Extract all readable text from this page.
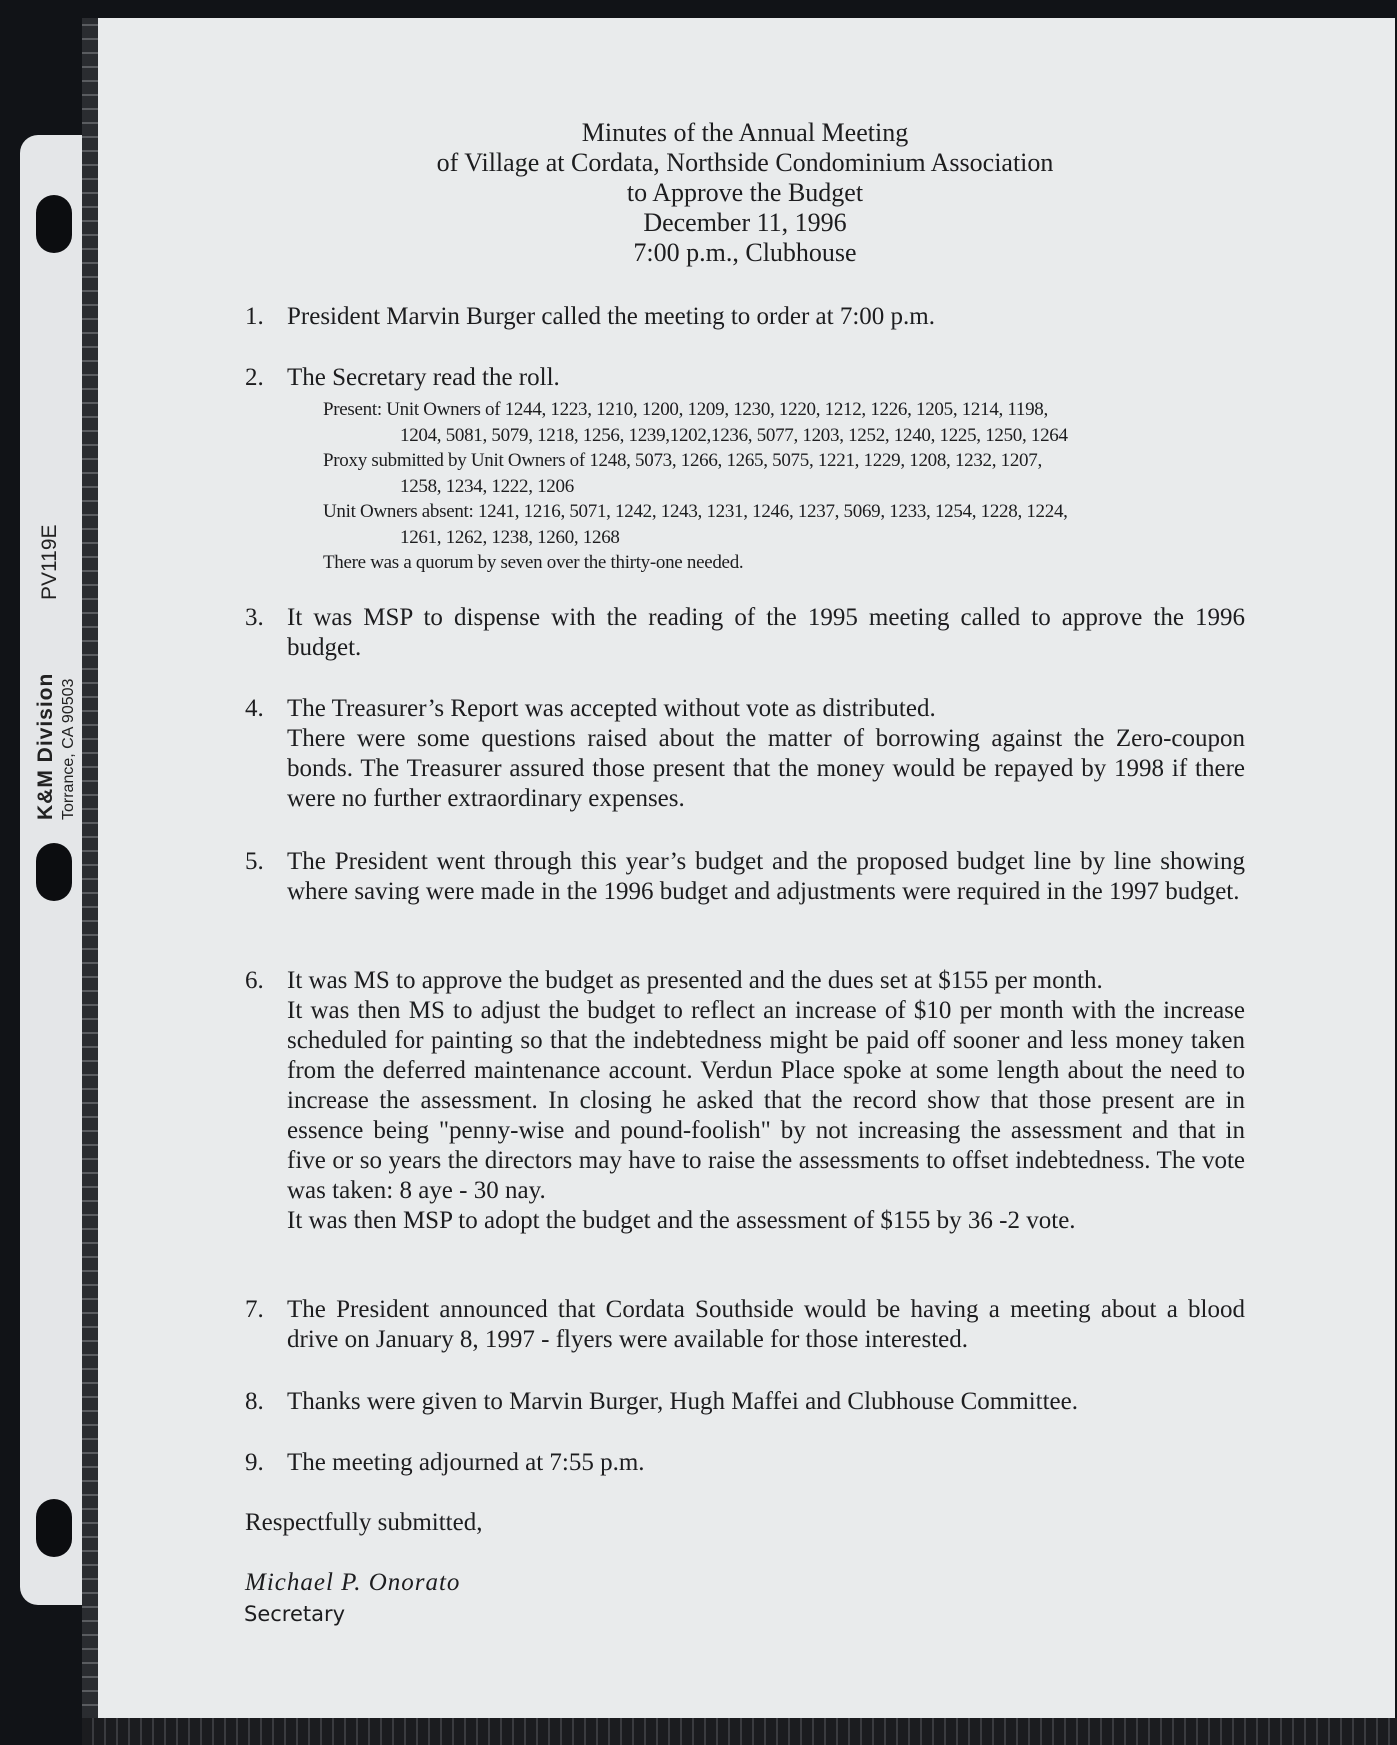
K&M Division Torrance, CA 90503
PV119E
Minutes of the Annual Meeting
of Village at Cordata, Northside Condominium Association
to Approve the Budget
December 11, 1996
7:00 p.m., Clubhouse
1. President Marvin Burger called the meeting to order at 7:00 p.m.
2. The Secretary read the roll.
Present: Unit Owners of 1244, 1223, 1210, 1200, 1209, 1230, 1220, 1212, 1226, 1205, 1214, 1198,
1204, 5081, 5079, 1218, 1256, 1239,1202,1236, 5077, 1203, 1252, 1240, 1225, 1250, 1264
Proxy submitted by Unit Owners of 1248, 5073, 1266, 1265, 5075, 1221, 1229, 1208, 1232, 1207,
1258, 1234, 1222, 1206
Unit Owners absent: 1241, 1216, 5071, 1242, 1243, 1231, 1246, 1237, 5069, 1233, 1254, 1228, 1224,
1261, 1262, 1238, 1260, 1268
There was a quorum by seven over the thirty-one needed.
3. It was MSP to dispense with the reading of the 1995 meeting called to approve the 1996 budget.
4. The Treasurer’s Report was accepted without vote as distributed.
There were some questions raised about the matter of borrowing against the Zero-coupon bonds. The Treasurer assured those present that the money would be repayed by 1998 if there were no further extraordinary expenses.
5. The President went through this year’s budget and the proposed budget line by line showing where saving were made in the 1996 budget and adjustments were required in the 1997 budget.
6. It was MS to approve the budget as presented and the dues set at $155 per month.
It was then MS to adjust the budget to reflect an increase of $10 per month with the increase scheduled for painting so that the indebtedness might be paid off sooner and less money taken from the deferred maintenance account. Verdun Place spoke at some length about the need to increase the assessment. In closing he asked that the record show that those present are in essence being "penny-wise and pound-foolish" by not increasing the assessment and that in five or so years the directors may have to raise the assessments to offset indebtedness. The vote was taken: 8 aye - 30 nay.
It was then MSP to adopt the budget and the assessment of $155 by 36 -2 vote.
7. The President announced that Cordata Southside would be having a meeting about a blood drive on January 8, 1997 - flyers were available for those interested.
8. Thanks were given to Marvin Burger, Hugh Maffei and Clubhouse Committee.
9. The meeting adjourned at 7:55 p.m.
Respectfully submitted,
Michael P. Onorato
Secretary
